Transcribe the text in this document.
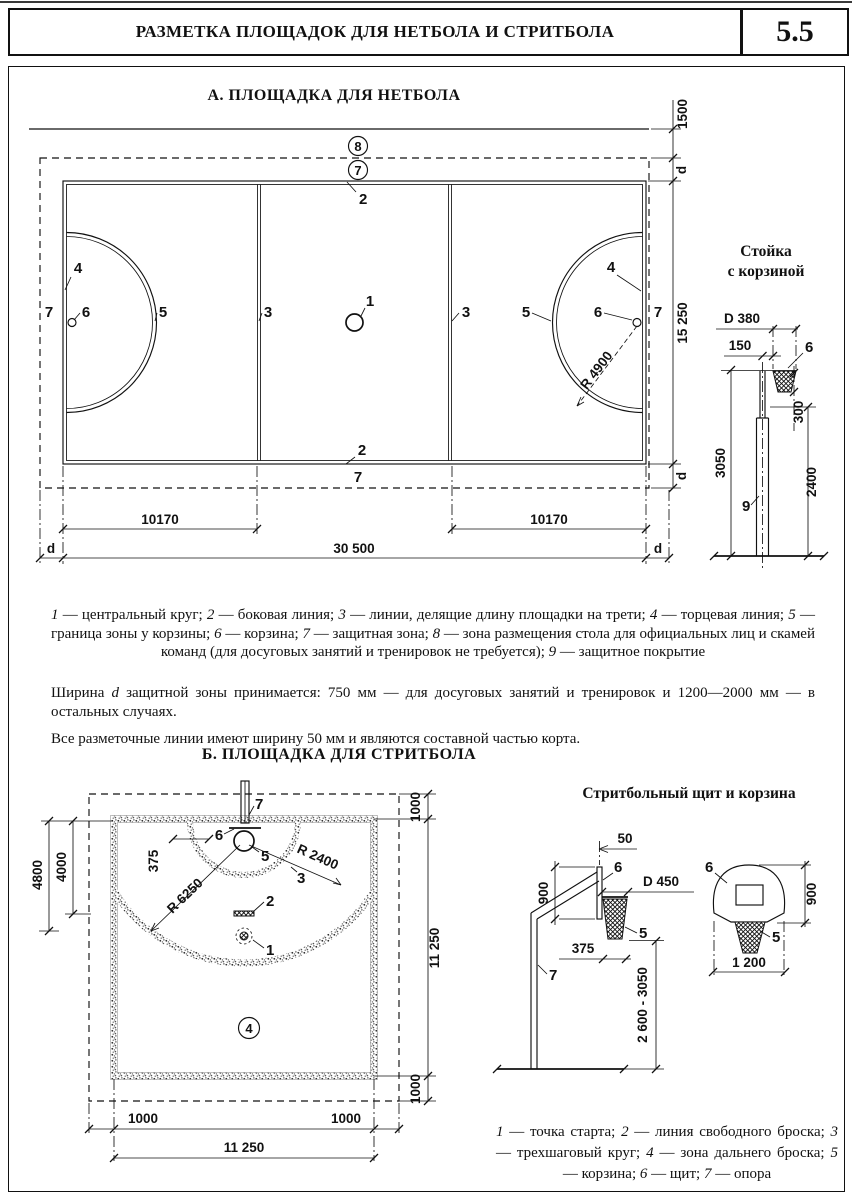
РАЗМЕТКА ПЛОЩАДОК ДЛЯ НЕТБОЛА И СТРИТБОЛА	5.5
А. ПЛОЩАДКА ДЛЯ НЕТБОЛА
R 4900
8
7
2
7
4
6	5	3
1
3	5	6
4
7
2
7
1500
d
15 250
d
10170	10170
30 500
d	d
Стойка
с корзиной
D 380
150	6
300
3050
2400
9

1 — центральный круг; 2 — боковая линия; 3 — линии, делящие длину площадки на трети; 4 — торцевая линия; 5 — граница зоны у корзины; 6 — корзина; 7 — защитная зона; 8 — зона размещения стола для официальных лиц и скамей команд (для досуговых занятий и тренировок не требуется); 9 — защитное покрытие

Ширина d защитной зоны принимается: 750 мм — для досуговых занятий и тренировок и 1200—2000 мм — в остальных случаях.

Все разметочные линии имеют ширину 50 мм и являются составной частью корта.

Б. ПЛОЩАДКА ДЛЯ СТРИТБОЛА
7
6
5 R 2400
3
R 6250
375
2
1
4
4800 4000
1000
11 250
1000
1000	1000
11 250
Стритбольный щит и корзина
50
6
D 450
5
900
7
375
2 600 - 3050
6
5
900
1 200

1 — точка старта; 2 — линия свободного броска; 3 — трехшаговый круг; 4 — зона дальнего броска; 5 — корзина; 6 — щит; 7 — опора
